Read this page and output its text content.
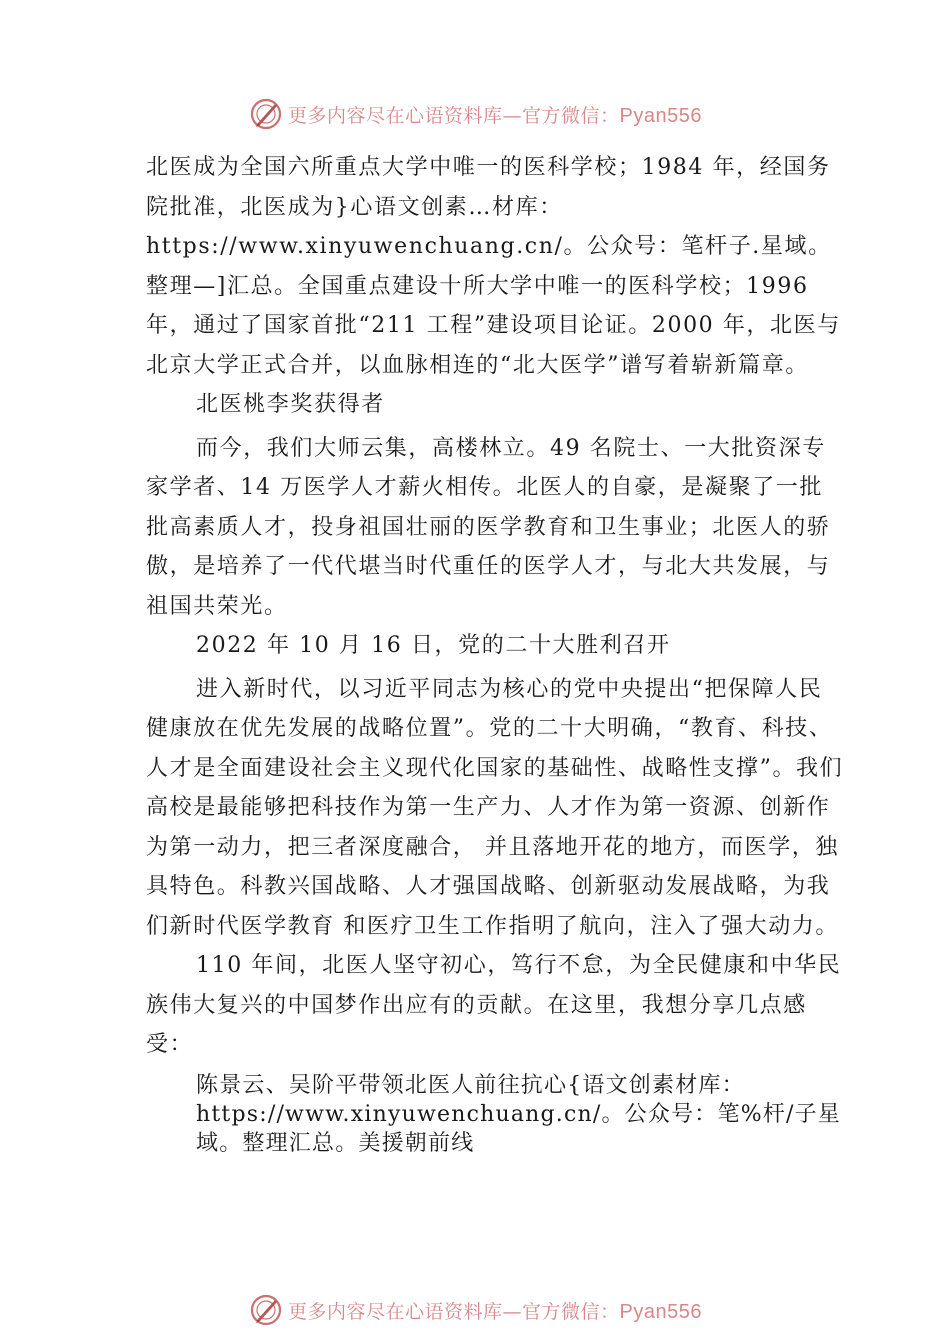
更多内容尽在心语资料库—官方微信：Pyan556

北医成为全国六所重点大学中唯一的医科学校；1984 年，经国务院批准，北医成为}心语文创素…材库：https://www.xinyuwenchuang.cn/。公众号：笔杆子.星域。整理—]汇总。全国重点建设十所大学中唯一的医科学校；1996 年，通过了国家首批“211 工程”建设项目论证。2000 年，北医与北京大学正式合并，以血脉相连的“北大医学”谱写着崭新篇章。

北医桃李奖获得者

而今，我们大师云集，高楼林立。49 名院士、一大批资深专家学者、14 万医学人才薪火相传。北医人的自豪，是凝聚了一批批高素质人才，投身祖国壮丽的医学教育和卫生事业；北医人的骄傲，是培养了一代代堪当时代重任的医学人才，与北大共发展，与祖国共荣光。

2022 年 10 月 16 日，党的二十大胜利召开

进入新时代，以习近平同志为核心的党中央提出“把保障人民健康放在优先发展的战略位置”。党的二十大明确，“教育、科技、人才是全面建设社会主义现代化国家的基础性、战略性支撑”。我们高校是最能够把科技作为第一生产力、人才作为第一资源、创新作为第一动力，把三者深度融合， 并且落地开花的地方，而医学，独具特色。科教兴国战略、人才强国战略、创新驱动发展战略，为我们新时代医学教育 和医疗卫生工作指明了航向，注入了强大动力。

110 年间，北医人坚守初心，笃行不怠，为全民健康和中华民族伟大复兴的中国梦作出应有的贡献。在这里，我想分享几点感受：

陈景云、吴阶平带领北医人前往抗心{语文创素材库：https://www.xinyuwenchuang.cn/。公众号：笔%杆/子星域。整理汇总。美援朝前线

更多内容尽在心语资料库—官方微信：Pyan556
